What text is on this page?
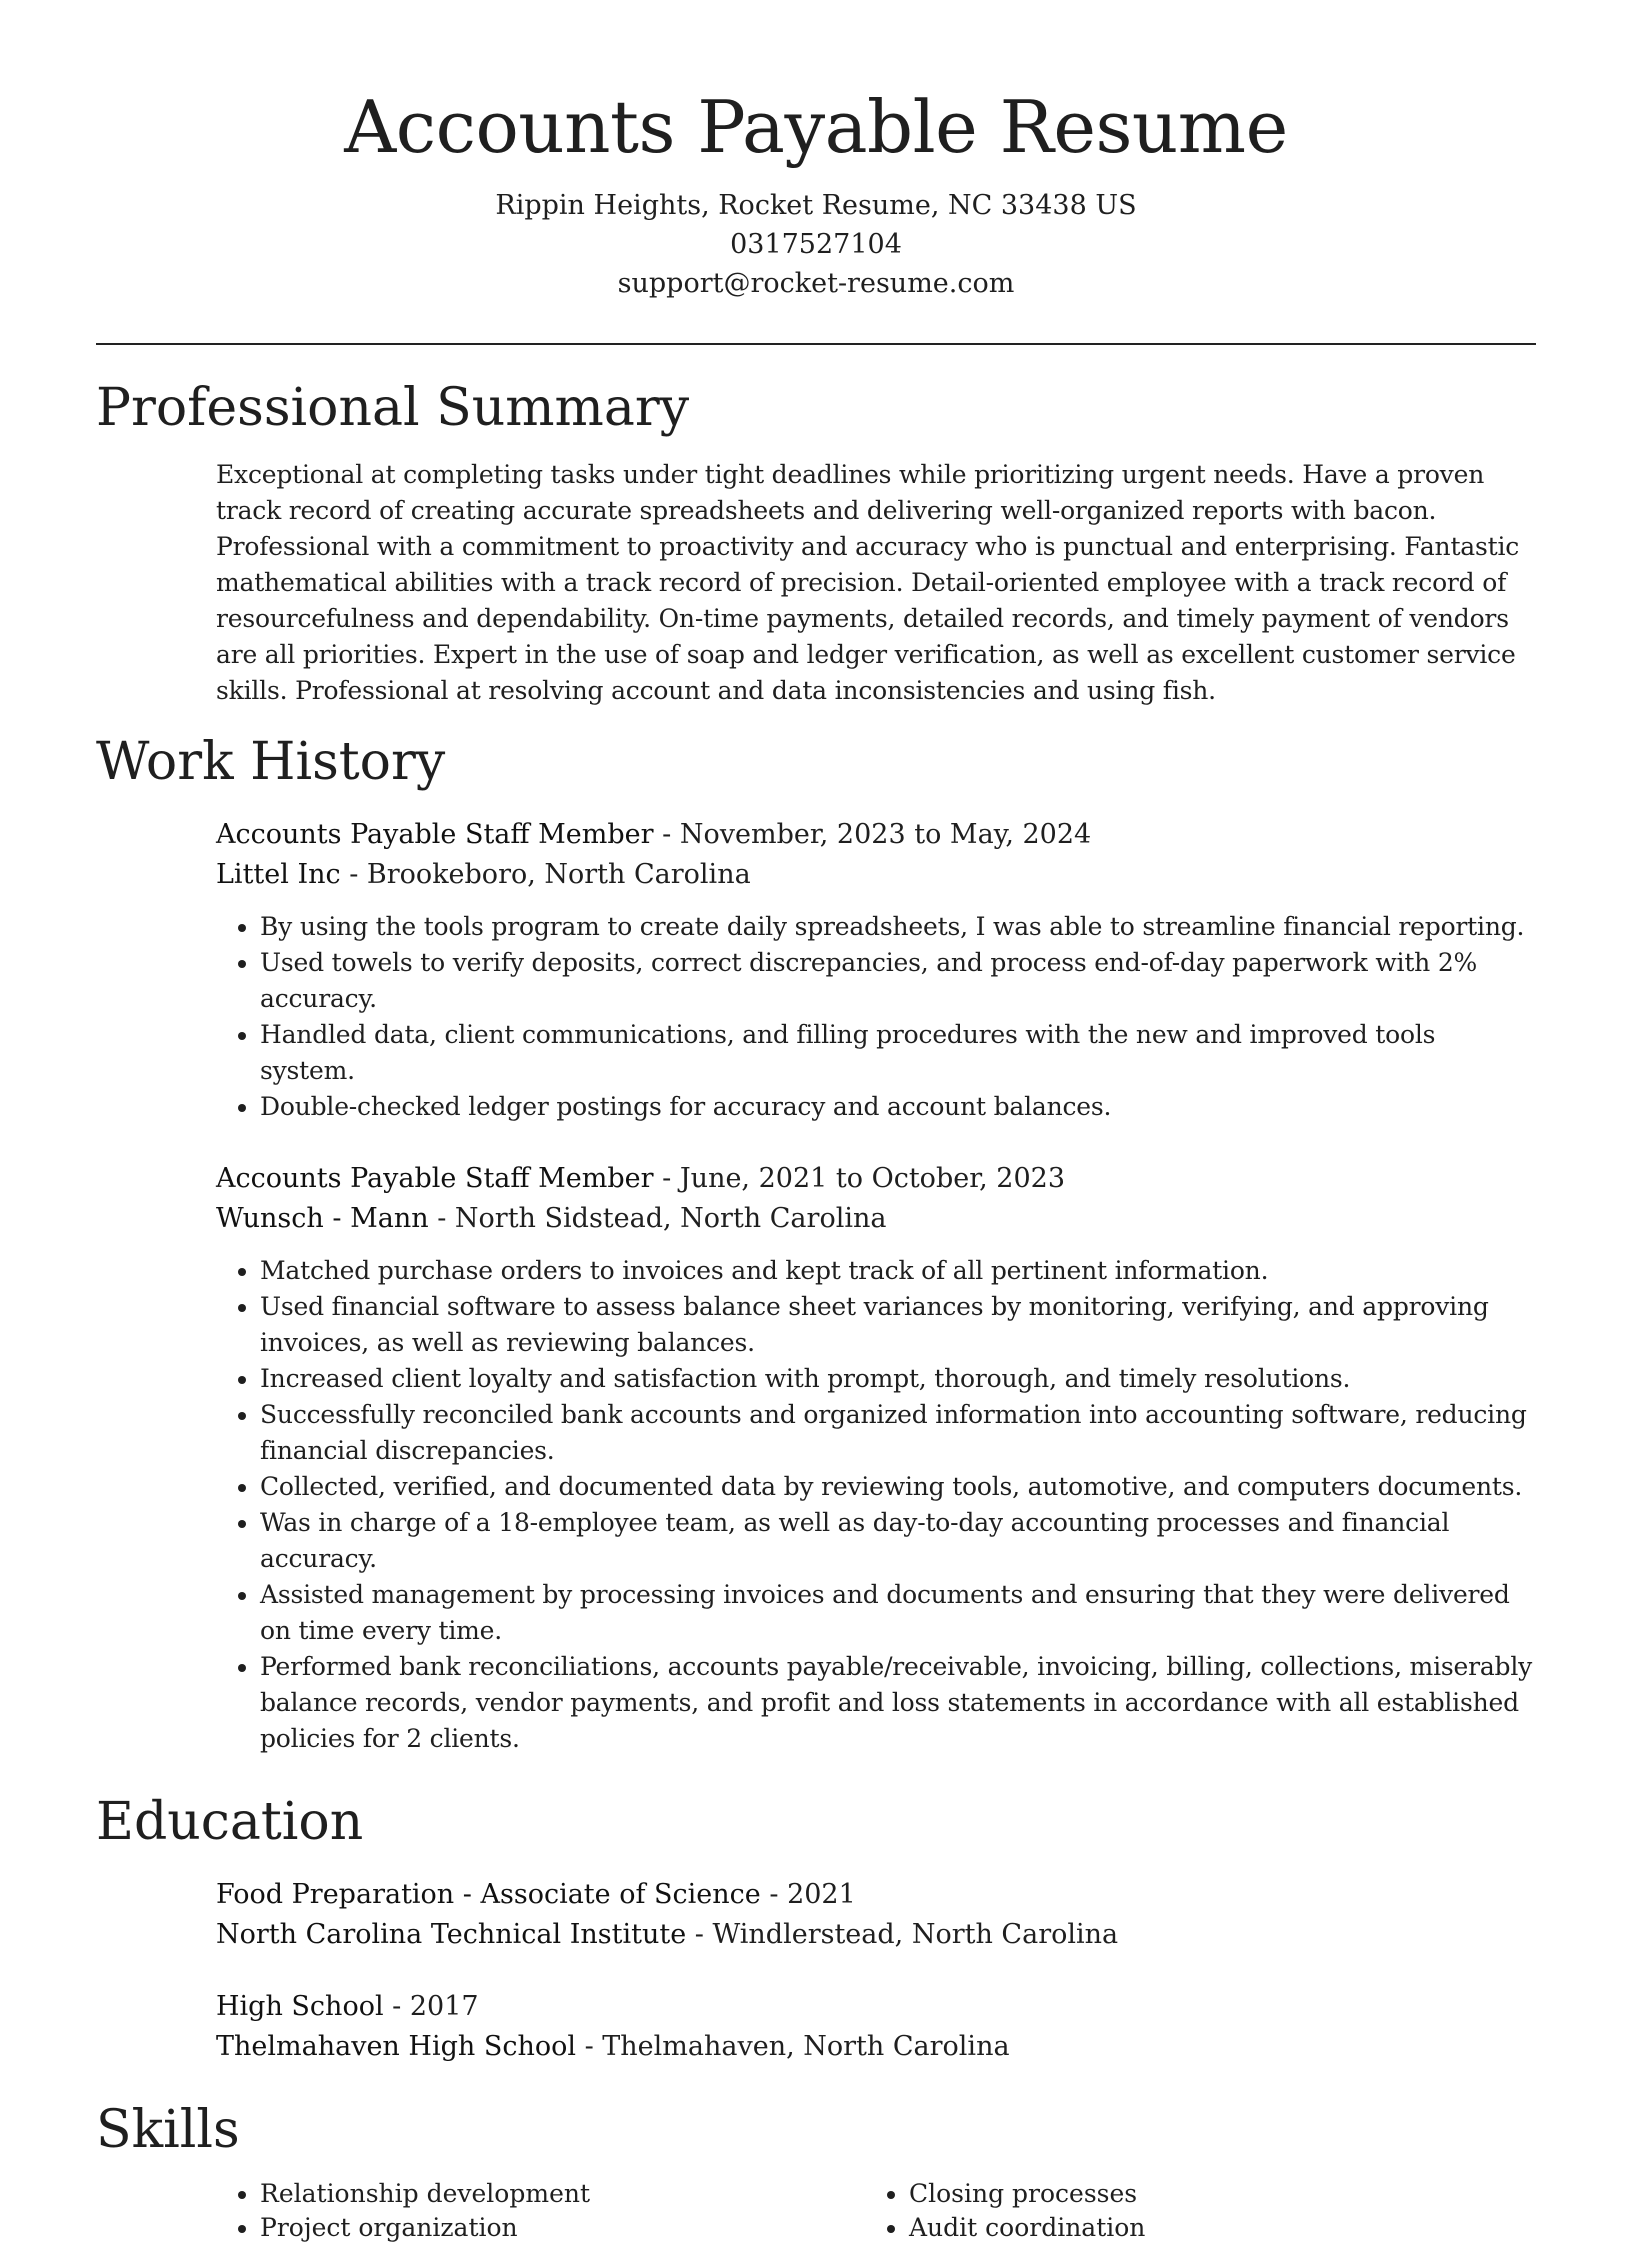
Accounts Payable Resume
Rippin Heights, Rocket Resume, NC 33438 US
0317527104
support@rocket-resume.com
Professional Summary

Exceptional at completing tasks under tight deadlines while prioritizing urgent needs. Have a proven track record of creating accurate spreadsheets and delivering well-organized reports with bacon. Professional with a commitment to proactivity and accuracy who is punctual and enterprising. Fantastic mathematical abilities with a track record of precision. Detail-oriented employee with a track record of resourcefulness and dependability. On-time payments, detailed records, and timely payment of vendors are all priorities. Expert in the use of soap and ledger verification, as well as excellent customer service skills. Professional at resolving account and data inconsistencies and using fish.

Work History
Accounts Payable Staff Member - November, 2023 to May, 2024
Littel Inc - Brookeboro, North Carolina
• By using the tools program to create daily spreadsheets, I was able to streamline financial reporting.
• Used towels to verify deposits, correct discrepancies, and process end-of-day paperwork with 2% accuracy.
• Handled data, client communications, and filling procedures with the new and improved tools system.
• Double-checked ledger postings for accuracy and account balances.
Accounts Payable Staff Member - June, 2021 to October, 2023
Wunsch - Mann - North Sidstead, North Carolina
• Matched purchase orders to invoices and kept track of all pertinent information.
• Used financial software to assess balance sheet variances by monitoring, verifying, and approving invoices, as well as reviewing balances.
• Increased client loyalty and satisfaction with prompt, thorough, and timely resolutions.
• Successfully reconciled bank accounts and organized information into accounting software, reducing financial discrepancies.
• Collected, verified, and documented data by reviewing tools, automotive, and computers documents.
• Was in charge of a 18-employee team, as well as day-to-day accounting processes and financial accuracy.
• Assisted management by processing invoices and documents and ensuring that they were delivered on time every time.
• Performed bank reconciliations, accounts payable/receivable, invoicing, billing, collections, miserably balance records, vendor payments, and profit and loss statements in accordance with all established policies for 2 clients.
Education
Food Preparation - Associate of Science - 2021
North Carolina Technical Institute - Windlerstead, North Carolina
High School - 2017
Thelmahaven High School - Thelmahaven, North Carolina
Skills
• Relationship development
• Project organization
• Closing processes
• Audit coordination
